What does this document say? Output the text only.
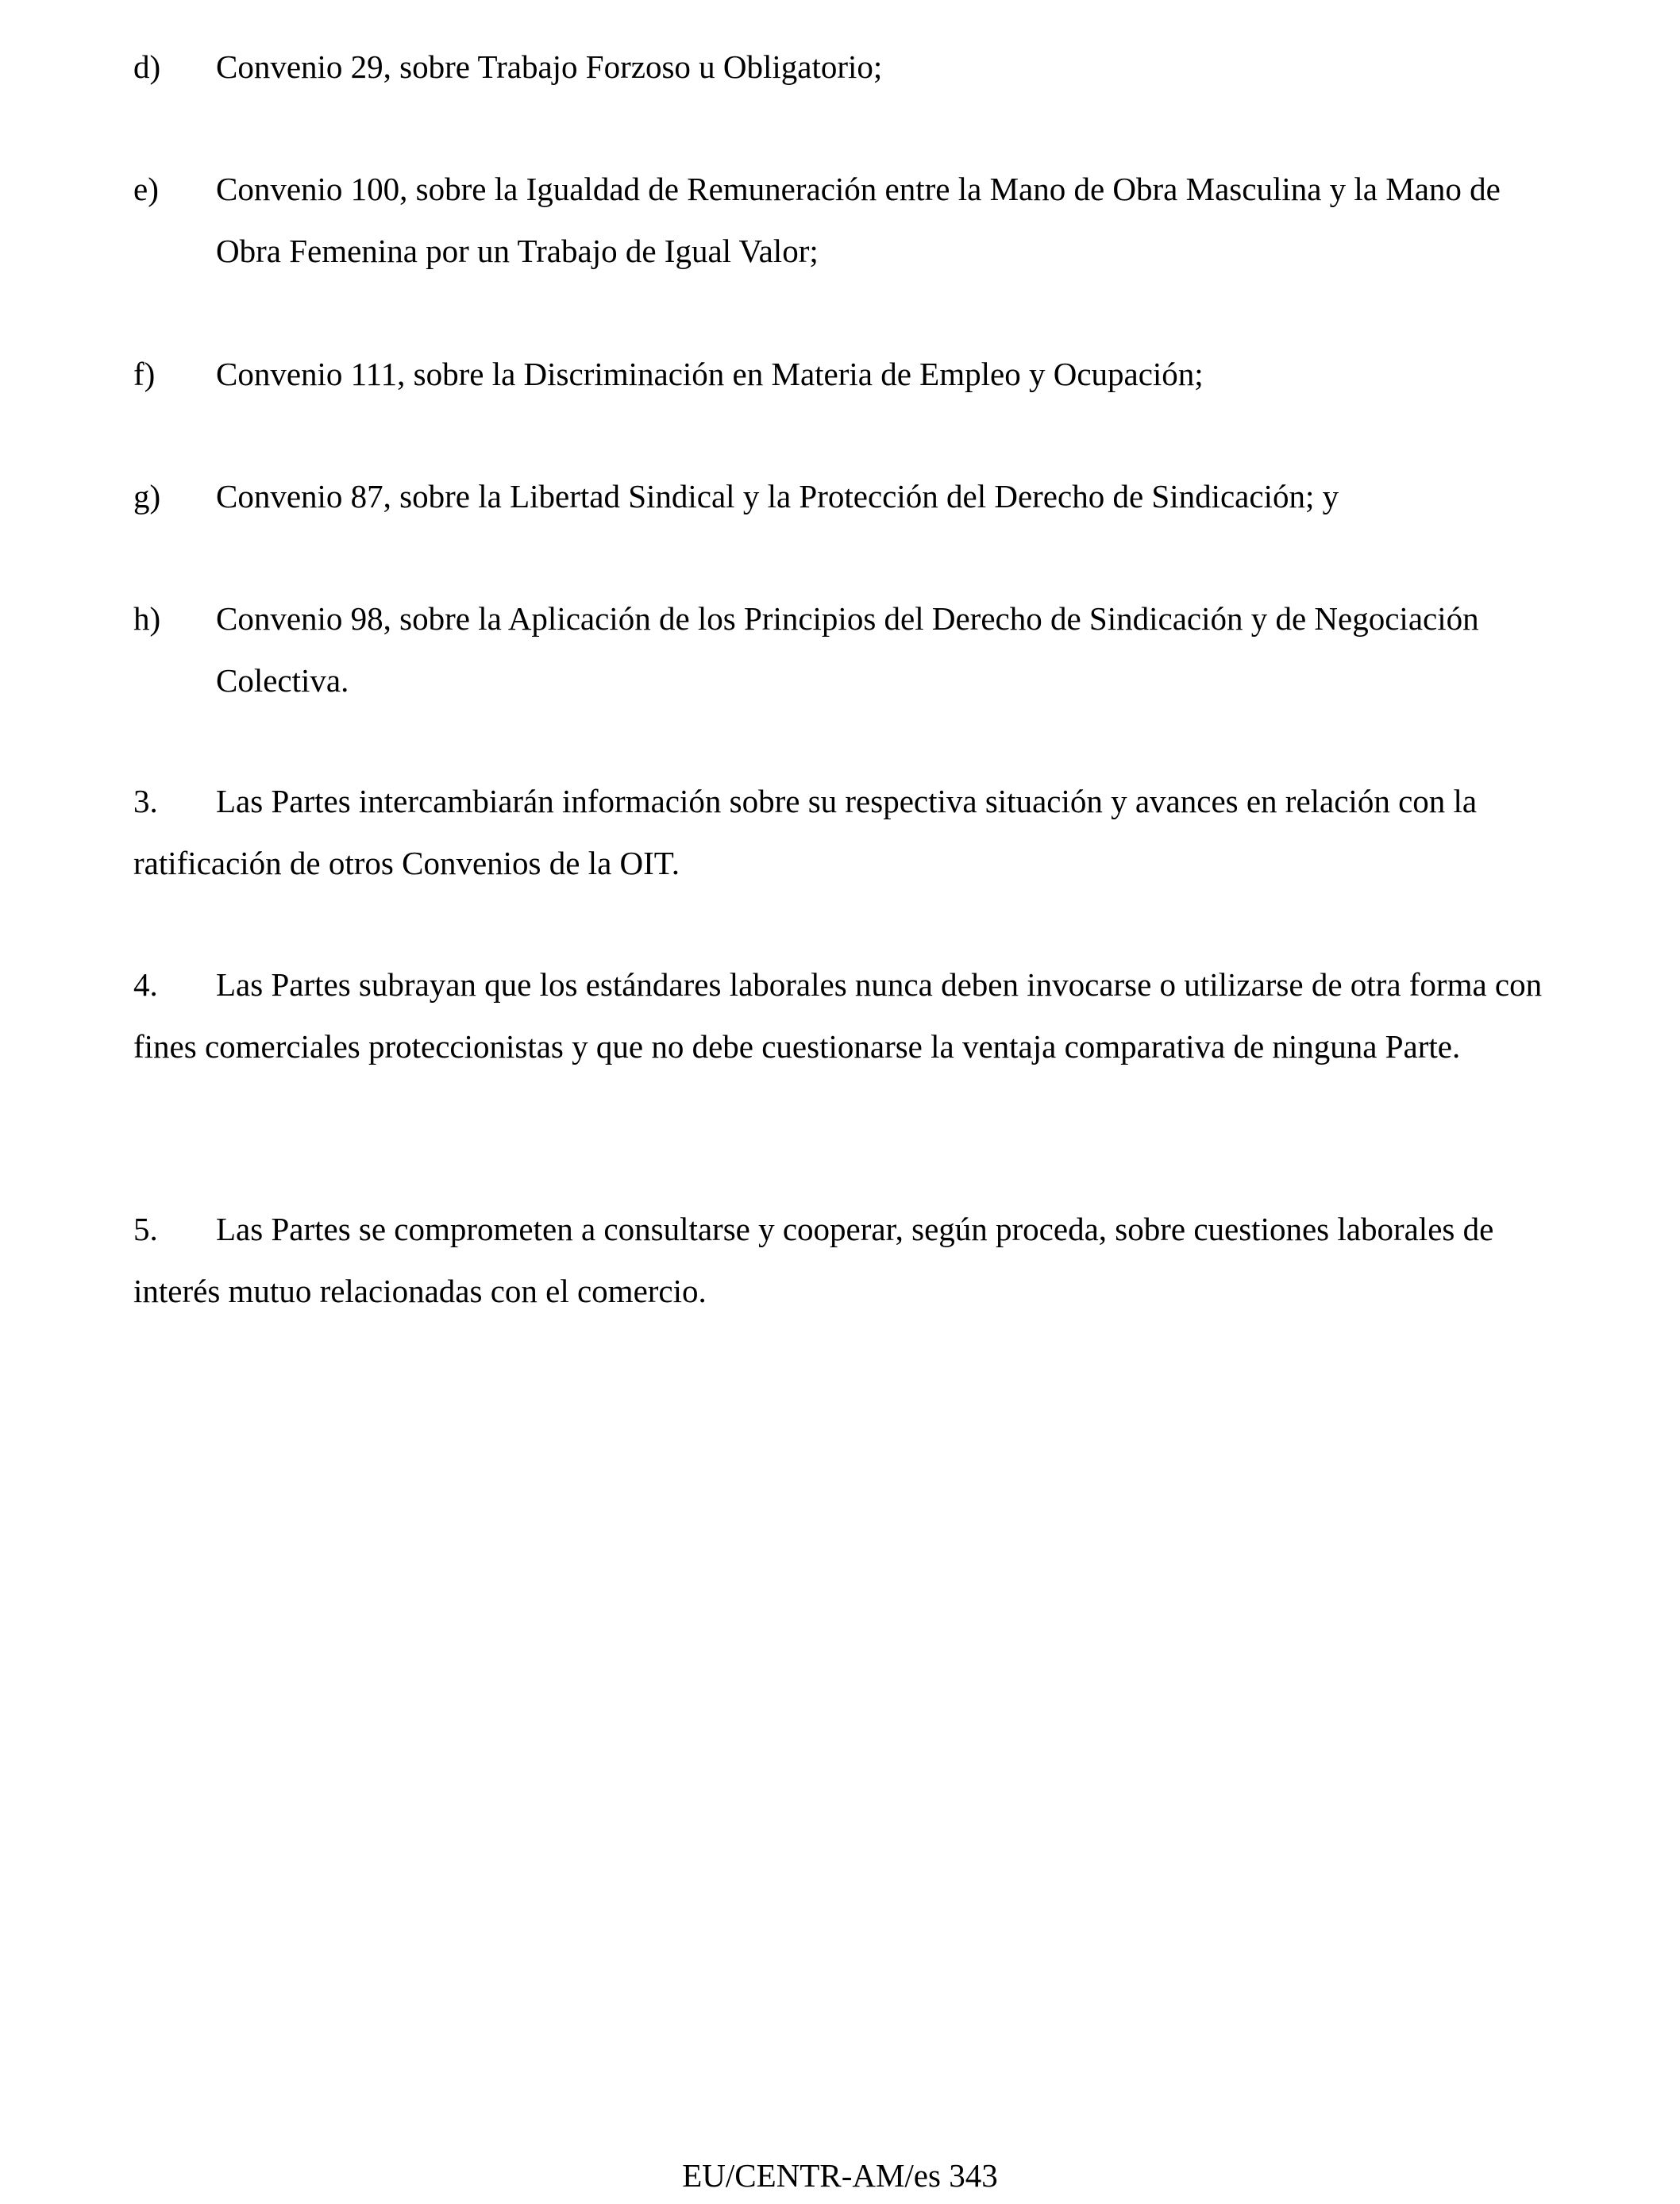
d) Convenio 29, sobre Trabajo Forzoso u Obligatorio;
e) Convenio 100, sobre la Igualdad de Remuneración entre la Mano de Obra Masculina y la Mano de Obra Femenina por un Trabajo de Igual Valor;
f) Convenio 111, sobre la Discriminación en Materia de Empleo y Ocupación;
g) Convenio 87, sobre la Libertad Sindical y la Protección del Derecho de Sindicación; y
h) Convenio 98, sobre la Aplicación de los Principios del Derecho de Sindicación y de Negociación Colectiva.
3. Las Partes intercambiarán información sobre su respectiva situación y avances en relación con la ratificación de otros Convenios de la OIT.
4. Las Partes subrayan que los estándares laborales nunca deben invocarse o utilizarse de otra forma con fines comerciales proteccionistas y que no debe cuestionarse la ventaja comparativa de ninguna Parte.
5. Las Partes se comprometen a consultarse y cooperar, según proceda, sobre cuestiones laborales de interés mutuo relacionadas con el comercio.
EU/CENTR-AM/es 343
